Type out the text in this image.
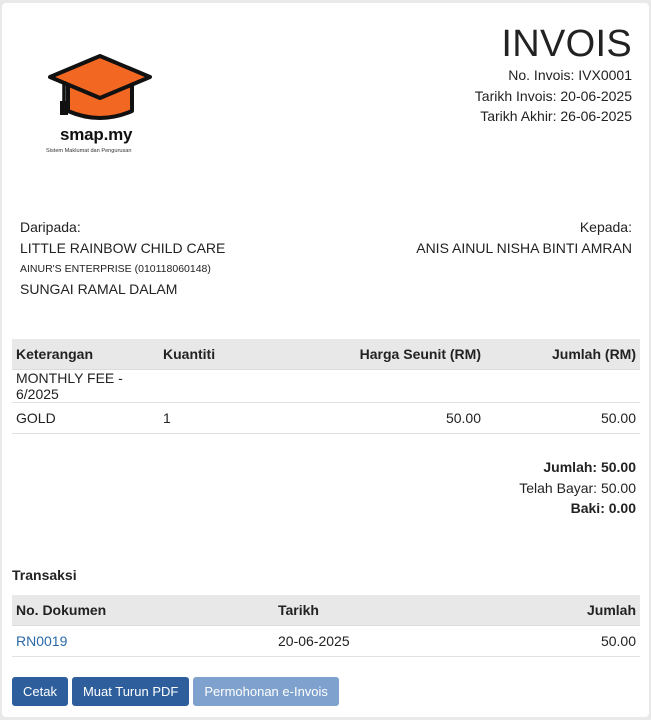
smap.my
Sistem Maklumat dan Pengurusan
INVOIS
No. Invois: IVX0001
Tarikh Invois: 20-06-2025
Tarikh Akhir: 26-06-2025
Daripada:
LITTLE RAINBOW CHILD CARE
AINUR'S ENTERPRISE (010118060148)
SUNGAI RAMAL DALAM
Kepada:
ANIS AINUL NISHA BINTI AMRAN
Keterangan	Kuantiti	Harga Seunit (RM)	Jumlah (RM)
MONTHLY FEE - 6/2025			
GOLD	1	50.00	50.00
Jumlah: 50.00
Telah Bayar: 50.00
Baki: 0.00
Transaksi
No. Dokumen	Tarikh	Jumlah
RN0019	20-06-2025	50.00
Cetak	Muat Turun PDF	Permohonan e-Invois
